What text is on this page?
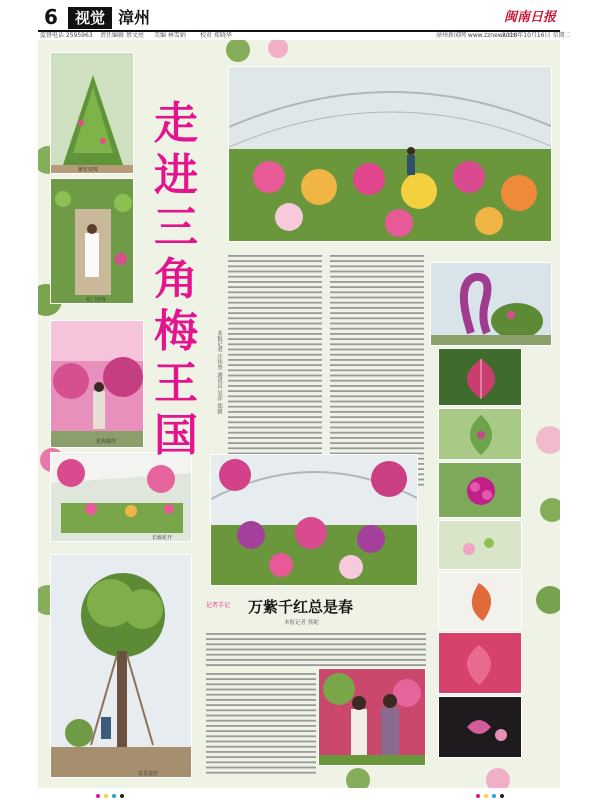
6	视觉 漳州	闽南日报
监督电话 2595963 责任编辑 蔡文亮 美编 林雪娟 校对 郑晓华	漳州新闻网 www.zznews.cn
2018年10月16日 星期二
繁花似锦
花门迎客
花海徜徉
长廊花开
盆景造型
走进三角梅王国
本报记者 庄伟坚 通讯员 吴萍 郑媛
记者手记	万紫千红总是春
本报记者 蔡妮
